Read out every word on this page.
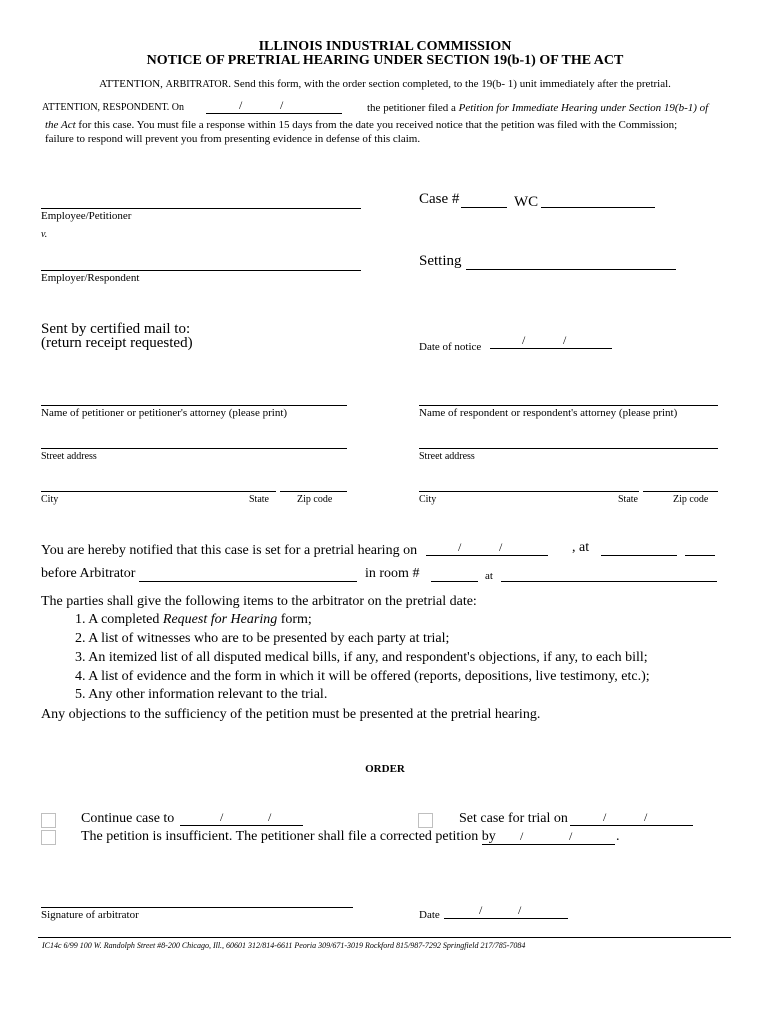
ILLINOIS INDUSTRIAL COMMISSION
NOTICE OF PRETRIAL HEARING UNDER SECTION 19(b-1) OF THE ACT
ATTENTION, ARBITRATOR. Send this form, with the order section completed, to the 19(b- 1) unit immediately after the pretrial.
ATTENTION, RESPONDENT. On	/	/
 	the petitioner filed a Petition for Immediate Hearing under Section 19(b-1) of
the Act for this case. You must file a response within 15 days from the date you received notice that the petition was filed with the Commission;
failure to respond will prevent you from presenting evidence in defense of this claim.
Employee/Petitioner
v.
Employer/Respondent
Case #	WC
Setting
Sent by certified mail to:
(return receipt requested)	Date of notice	/	/
Name of petitioner or petitioner's attorney (please print)
Street address
City	State	Zip code
Name of respondent or respondent's attorney (please print)
Street address
City	State	Zip code
You are hereby notified that this case is set for a pretrial hearing on	/	/	, at
before Arbitrator
 	in room #	at
The parties shall give the following items to the arbitrator on the pretrial date:
1. A completed Request for Hearing form;
2. A list of witnesses who are to be presented by each party at trial;
3. An itemized list of all disputed medical bills, if any, and respondent's objections, if any, to each bill;
4. A list of evidence and the form in which it will be offered (reports, depositions, live testimony, etc.);
5. Any other information relevant to the trial.
Any objections to the sufficiency of the petition must be presented at the pretrial hearing.
ORDER
Continue case to	/	/	Set case for trial on	/	/
The petition is insufficient. The petitioner shall file a corrected petition by /	/	.
Signature of arbitrator	Date	/	/
IC14c 6/99 100 W. Randolph Street #8-200 Chicago, Ill., 60601 312/814-6611 Peoria 309/671-3019 Rockford 815/987-7292 Springfield 217/785-7084
